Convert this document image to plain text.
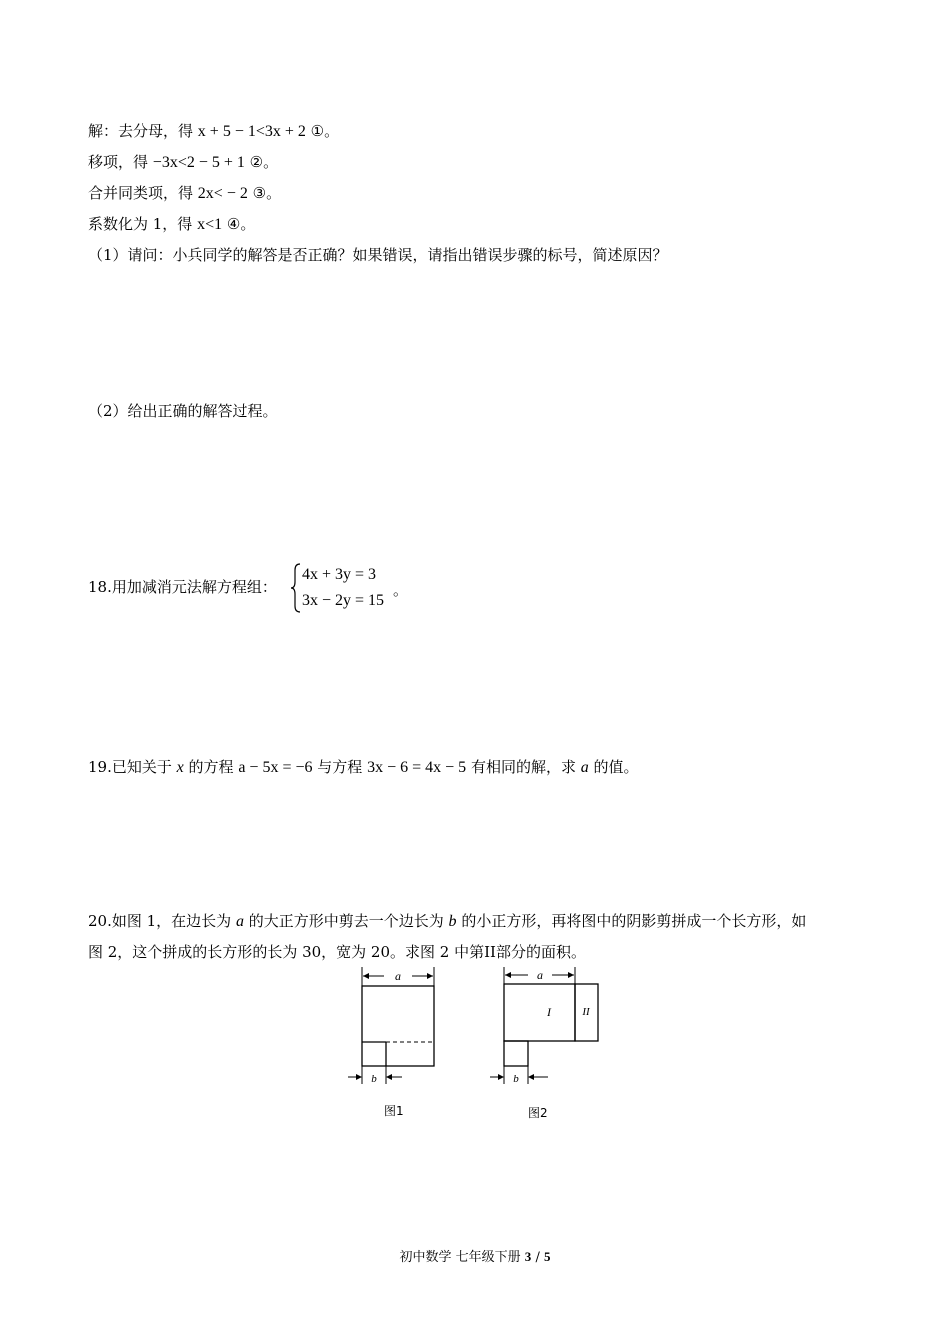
解：去分母，得 x + 5 − 1<3x + 2 ①。
移项，得 −3x<2 − 5 + 1 ②。
合并同类项，得 2x< − 2 ③。
系数化为 1，得 x<1 ④。
（1）请问：小兵同学的解答是否正确？如果错误，请指出错误步骤的标号，简述原因？
（2）给出正确的解答过程。
18.用加减消元法解方程组：
4x + 3y = 3
3x − 2y = 15
。
19.已知关于 x 的方程 a − 5x = −6 与方程 3x − 6 = 4x − 5 有相同的解，求 a 的值。
20.如图 1，在边长为 a 的大正方形中剪去一个边长为 b 的小正方形，再将图中的阴影剪拼成一个长方形，如
图 2，这个拼成的长方形的长为 30，宽为 20。求图 2 中第II部分的面积。
a
b
图1
a
I	II
b
图2
初中数学 七年级下册 3 / 5
